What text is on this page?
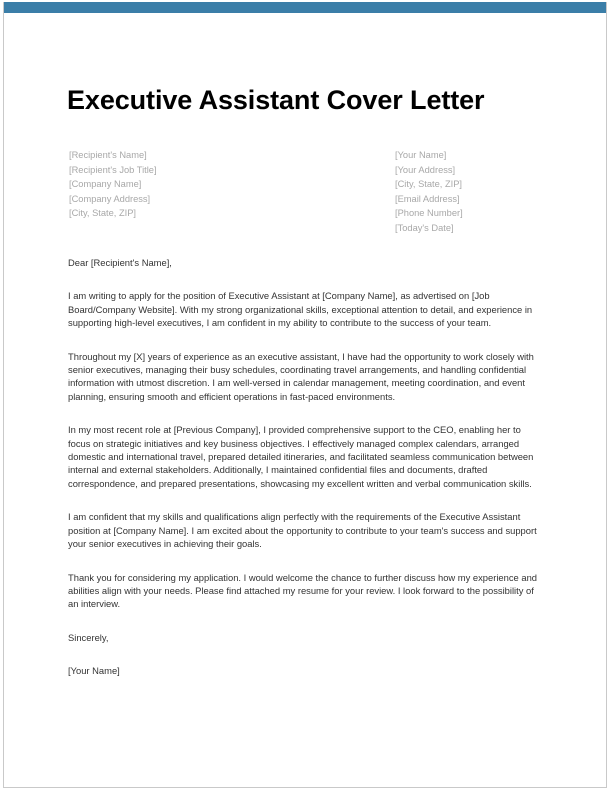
Executive Assistant Cover Letter
[Recipient's Name]
[Recipient's Job Title]
[Company Name]
[Company Address]
[City, State, ZIP]
[Your Name]
[Your Address]
[City, State, ZIP]
[Email Address]
[Phone Number]
[Today's Date]

Dear [Recipient's Name],

I am writing to apply for the position of Executive Assistant at [Company Name], as advertised on [Job Board/Company Website]. With my strong organizational skills, exceptional attention to detail, and experience in supporting high-level executives, I am confident in my ability to contribute to the success of your team.

Throughout my [X] years of experience as an executive assistant, I have had the opportunity to work closely with senior executives, managing their busy schedules, coordinating travel arrangements, and handling confidential information with utmost discretion. I am well-versed in calendar management, meeting coordination, and event planning, ensuring smooth and efficient operations in fast-paced environments.

In my most recent role at [Previous Company], I provided comprehensive support to the CEO, enabling her to focus on strategic initiatives and key business objectives. I effectively managed complex calendars, arranged domestic and international travel, prepared detailed itineraries, and facilitated seamless communication between internal and external stakeholders. Additionally, I maintained confidential files and documents, drafted correspondence, and prepared presentations, showcasing my excellent written and verbal communication skills.

I am confident that my skills and qualifications align perfectly with the requirements of the Executive Assistant position at [Company Name]. I am excited about the opportunity to contribute to your team's success and support your senior executives in achieving their goals.

Thank you for considering my application. I would welcome the chance to further discuss how my experience and abilities align with your needs. Please find attached my resume for your review. I look forward to the possibility of an interview.

Sincerely,

[Your Name]
